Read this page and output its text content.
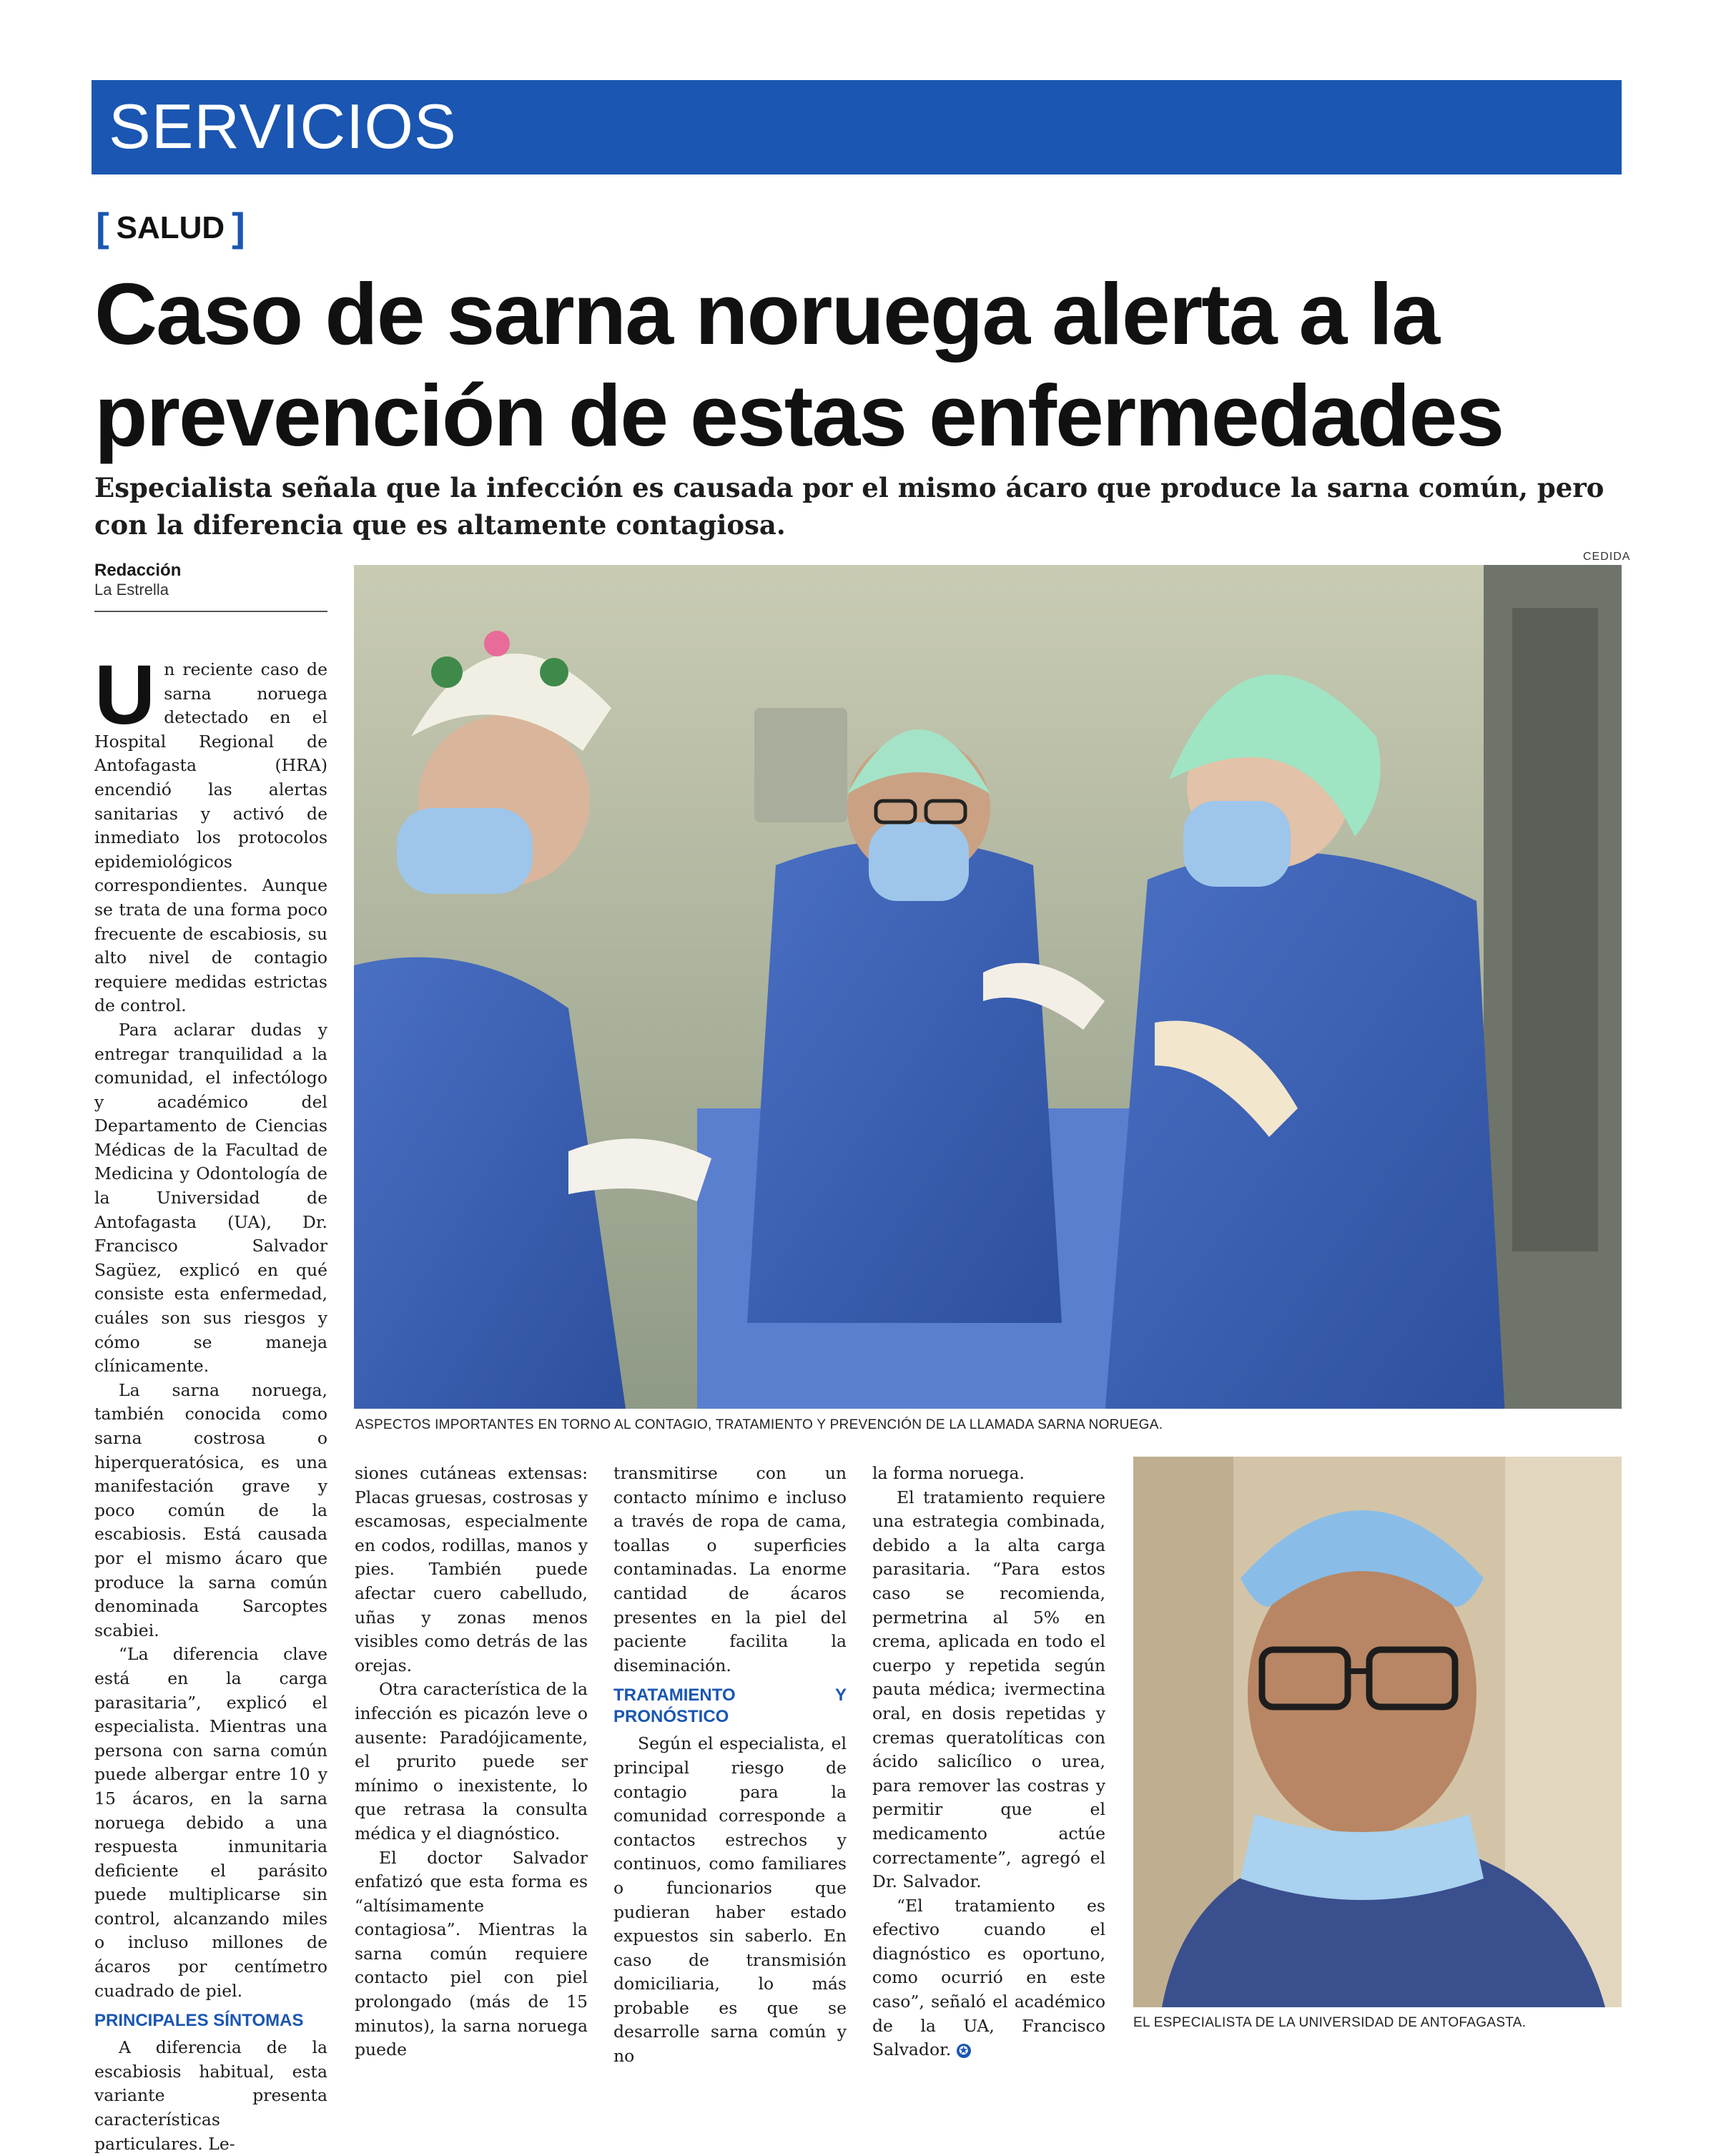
SERVICIOS
[ SALUD ]
Caso de sarna noruega alerta a la
prevención de estas enfermedades
Especialista señala que la infección es causada por el mismo ácaro que produce la sarna común, pero con la diferencia que es altamente contagiosa.
Redacción
La Estrella
CEDIDA
ASPECTOS IMPORTANTES EN TORNO AL CONTAGIO, TRATAMIENTO Y PREVENCIÓN DE LA LLAMADA SARNA NORUEGA.
EL ESPECIALISTA DE LA UNIVERSIDAD DE ANTOFAGASTA.

Un reciente caso de sarna noruega detectado en el Hospital Regional de Antofagasta (HRA) encendió las alertas sanitarias y activó de inmediato los protocolos epidemiológicos correspondientes. Aunque se trata de una forma poco frecuente de escabiosis, su alto nivel de contagio requiere medidas estrictas de control.

Para aclarar dudas y entregar tranquilidad a la comunidad, el infectólogo y académico del Departamento de Ciencias Médicas de la Facultad de Medicina y Odontología de la Universidad de Antofagasta (UA), Dr. Francisco Salvador Sagüez, explicó en qué consiste esta enfermedad, cuáles son sus riesgos y cómo se maneja clínicamente.

La sarna noruega, también conocida como sarna costrosa o hiperqueratósica, es una manifestación grave y poco común de la escabiosis. Está causada por el mismo ácaro que produce la sarna común denominada Sarcoptes scabiei.

“La diferencia clave está en la carga parasitaria”, explicó el especialista. Mientras una persona con sarna común puede albergar entre 10 y 15 ácaros, en la sarna noruega debido a una respuesta inmunitaria deficiente el parásito puede multiplicarse sin control, alcanzando miles o incluso millones de ácaros por centímetro cuadrado de piel.

PRINCIPALES SÍNTOMAS

A diferencia de la escabiosis habitual, esta variante presenta características particulares. Le-

siones cutáneas extensas: Placas gruesas, costrosas y escamosas, especialmente en codos, rodillas, manos y pies. También puede afectar cuero cabelludo, uñas y zonas menos visibles como detrás de las orejas.

Otra característica de la infección es picazón leve o ausente: Paradójicamente, el prurito puede ser mínimo o inexistente, lo que retrasa la consulta médica y el diagnóstico.

El doctor Salvador enfatizó que esta forma es “altísimamente contagiosa”. Mientras la sarna común requiere contacto piel con piel prolongado (más de 15 minutos), la sarna noruega puede

transmitirse con un contacto mínimo e incluso a través de ropa de cama, toallas o superficies contaminadas. La enorme cantidad de ácaros presentes en la piel del paciente facilita la diseminación.

TRATAMIENTO Y PRONÓSTICO

Según el especialista, el principal riesgo de contagio para la comunidad corresponde a contactos estrechos y continuos, como familiares o funcionarios que pudieran haber estado expuestos sin saberlo. En caso de transmisión domiciliaria, lo más probable es que se desarrolle sarna común y no

la forma noruega.

El tratamiento requiere una estrategia combinada, debido a la alta carga parasitaria. “Para estos caso se recomienda, permetrina al 5% en crema, aplicada en todo el cuerpo y repetida según pauta médica; ivermectina oral, en dosis repetidas y cremas queratolíticas con ácido salicílico o urea, para remover las costras y permitir que el medicamento actúe correctamente”, agregó el Dr. Salvador.

“El tratamiento es efectivo cuando el diagnóstico es oportuno, como ocurrió en este caso”, señaló el académico de la UA, Francisco Salvador. ✪
